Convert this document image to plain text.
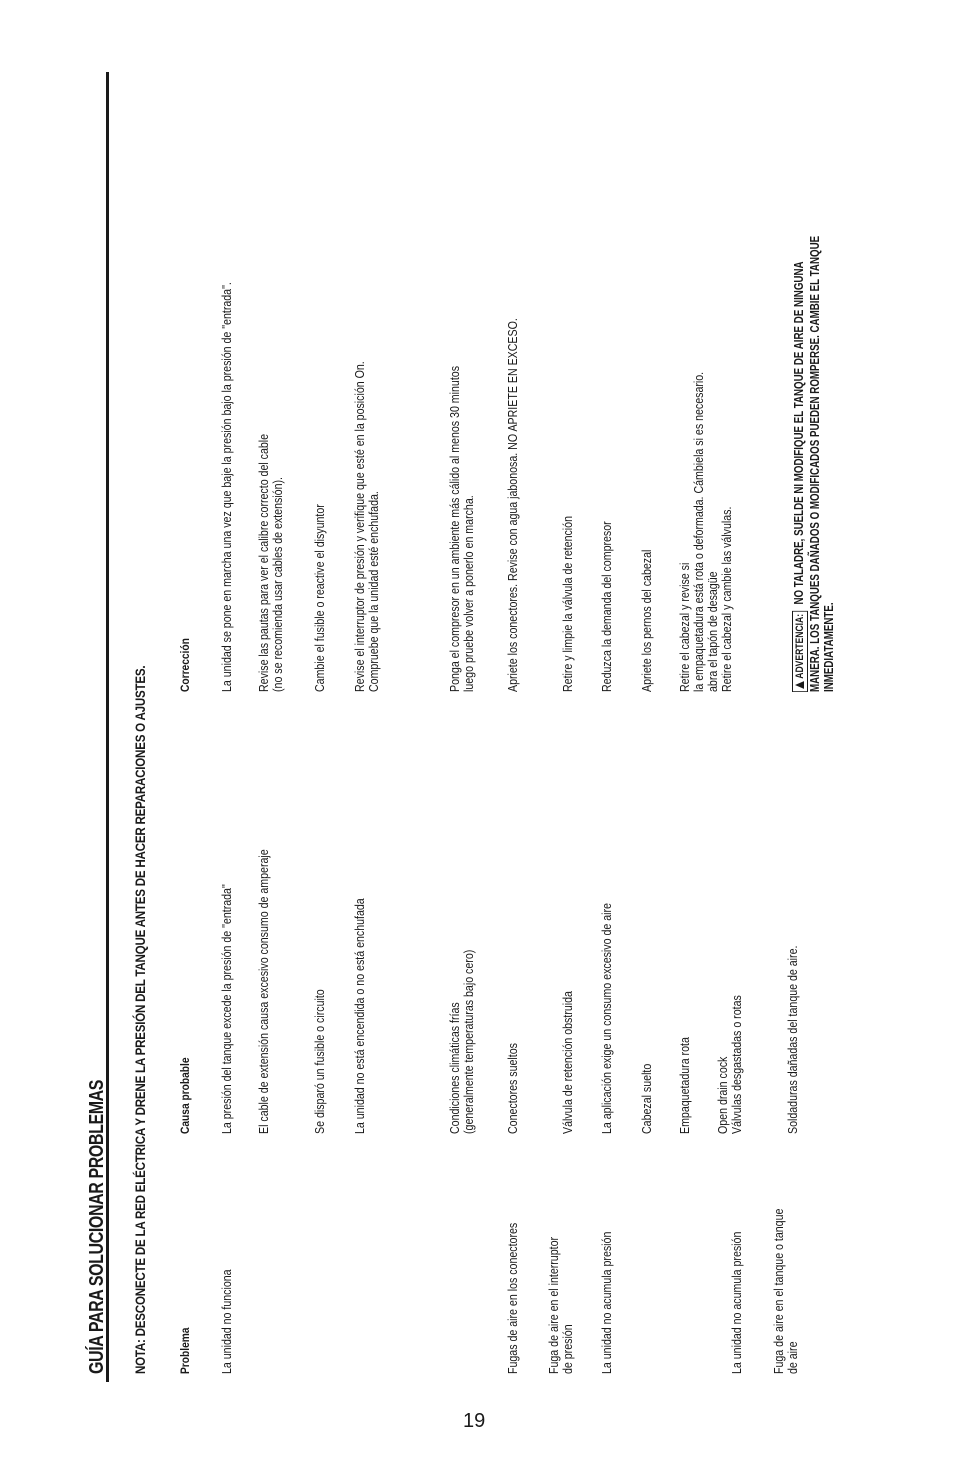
GUÍA PARA SOLUCIONAR PROBLEMAS NOTA: DESCONECTE DE LA RED ELÉCTRICA Y DRENE LA PRESIÓN DEL TANQUE ANTES DE HACER REPARACIONES O AJUSTES.	Problema
Causa probable
Corrección
La unidad no funciona
La presión del tanque excede la presión de "entrada"
La unidad se pone en marcha una vez que baje la presión bajo la presión de "entrada".
El cable de extensión causa excesivo consumo de amperaje
Revise las pautas para ver el calibre correcto del cable (no se recomienda usar cables de extensión).
Se disparó un fusible o circuito
Cambie el fusible o reactive el disyuntor
La unidad no está encendida o no está enchufada
Revise el interruptor de presión y verifique que esté en la posición On. Compruebe que la unidad esté enchufada.
Condiciones climáticas frías (generalmente temperaturas bajo cero)
Ponga el compresor en un ambiente más cálido al menos 30 minutos luego pruebe volver a ponerlo en marcha.
Fugas de aire en los conectores
Conectores sueltos
Apriete los conectores. Revise con agua jabonosa. NO APRIETE EN EXCESO.
Fuga de aire en el interruptor de presión
Válvula de retención obstruida
Retire y limpie la válvula de retención
La unidad no acumula presión
La aplicación exige un consumo excesivo de aire
Reduzca la demanda del compresor
Cabezal suelto
Apriete los pernos del cabezal
Empaquetadura rota
Retire el cabezal y revise si la empaquetadura está rota o deformada. Cámbiela si es necesario.
Open drain cock
abra el tapón de desagüe
La unidad no acumula presión
Válvulas desgastadas o rotas
Retire el cabezal y cambie las válvulas.
Fuga de aire en el tanque o tanque de aire
Soldaduras dañadas del tanque de aire.
ADVERTENCIA:NO TALADRE, SUELDE NI MODIFIQUE EL TANQUE DE AIRE DE NINGUNA MANERA. LOS TANQUES DAÑADOS O MODIFICADOS PUEDEN ROMPERSE. CAMBIE EL TANQUE INMEDIATAMENTE.
19
